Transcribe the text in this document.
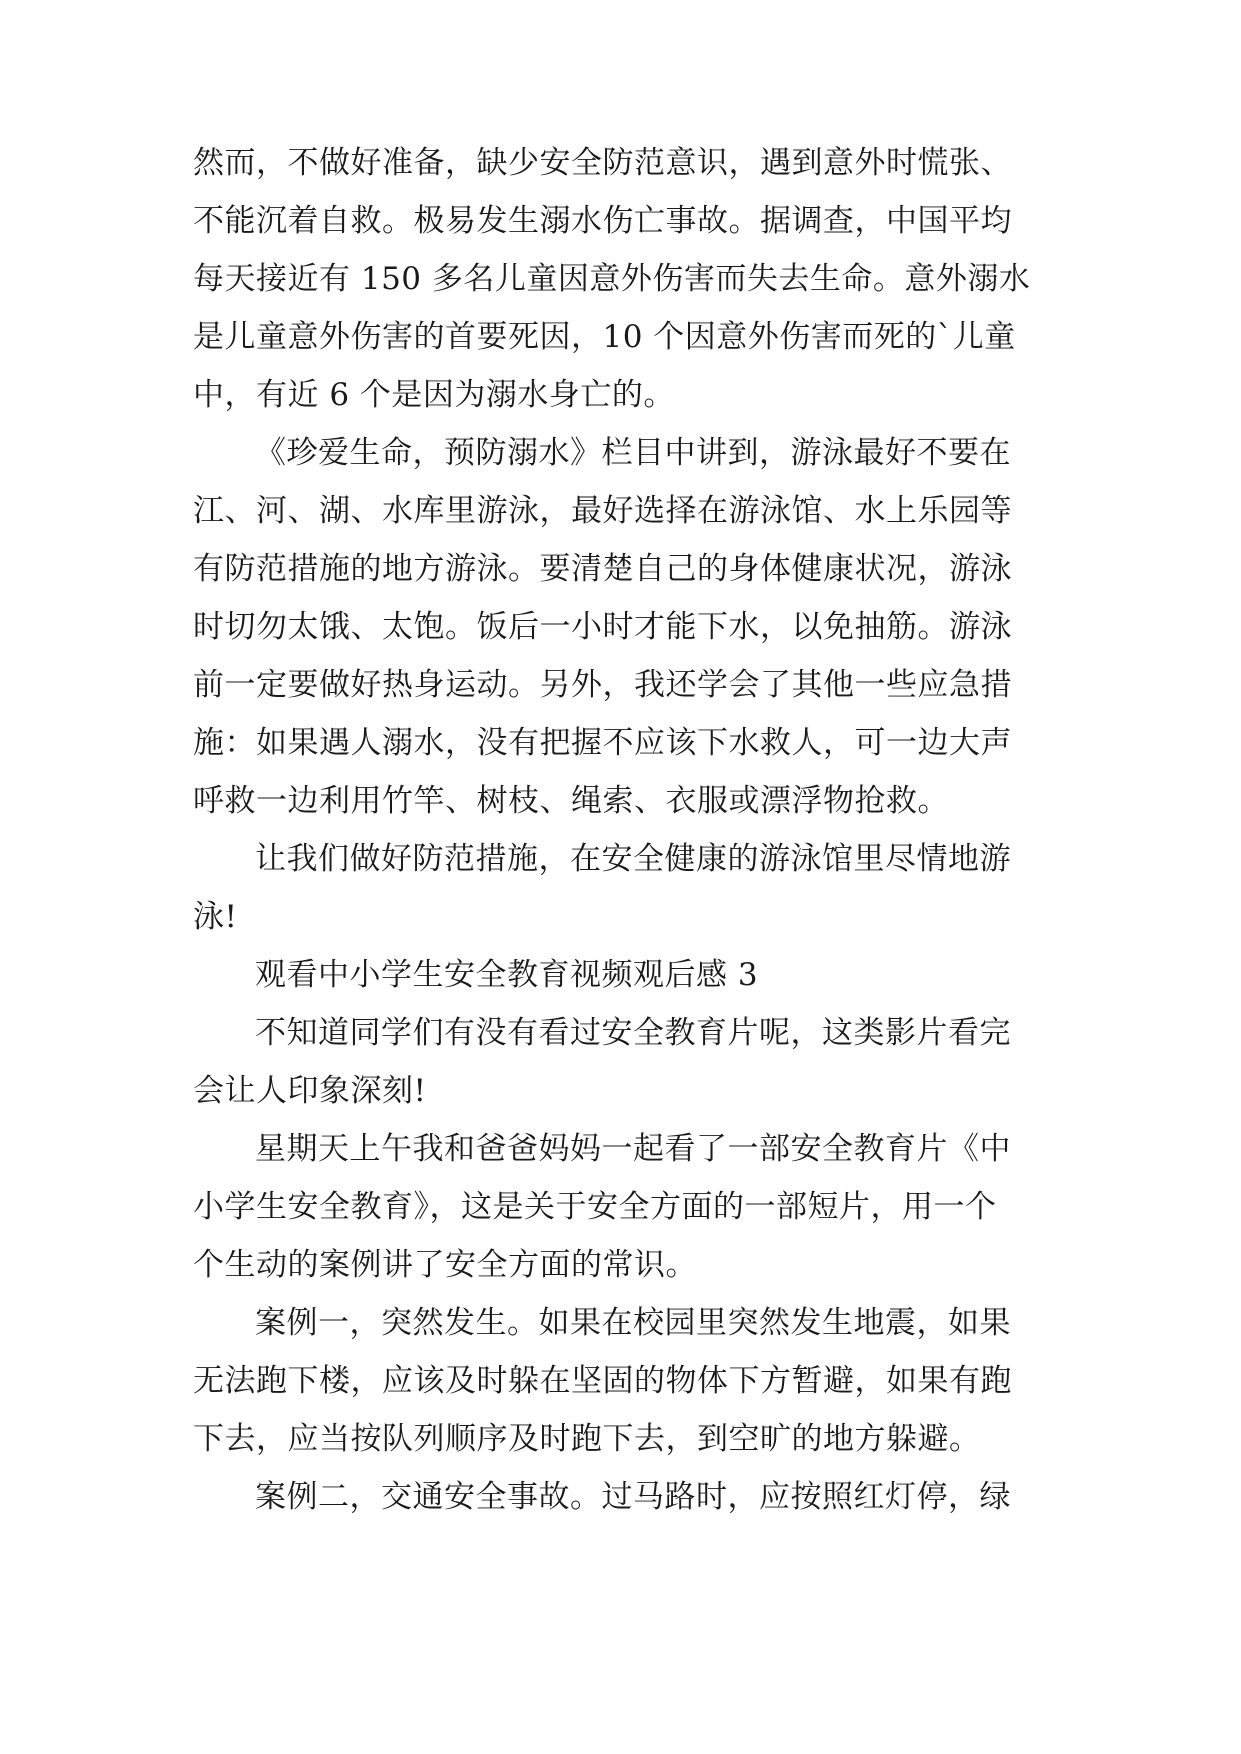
然而，不做好准备，缺少安全防范意识，遇到意外时慌张、
不能沉着自救。极易发生溺水伤亡事故。据调查，中国平均
每天接近有 150 多名儿童因意外伤害而失去生命。意外溺水
是儿童意外伤害的首要死因，10 个因意外伤害而死的`儿童
中，有近 6 个是因为溺水身亡的。
《珍爱生命，预防溺水》栏目中讲到，游泳最好不要在
江、河、湖、水库里游泳，最好选择在游泳馆、水上乐园等
有防范措施的地方游泳。要清楚自己的身体健康状况，游泳
时切勿太饿、太饱。饭后一小时才能下水，以免抽筋。游泳
前一定要做好热身运动。另外，我还学会了其他一些应急措
施：如果遇人溺水，没有把握不应该下水救人，可一边大声
呼救一边利用竹竿、树枝、绳索、衣服或漂浮物抢救。
让我们做好防范措施，在安全健康的游泳馆里尽情地游
泳!
观看中小学生安全教育视频观后感 3
不知道同学们有没有看过安全教育片呢，这类影片看完
会让人印象深刻!
星期天上午我和爸爸妈妈一起看了一部安全教育片《中
小学生安全教育》，这是关于安全方面的一部短片，用一个
个生动的案例讲了安全方面的常识。
案例一，突然发生。如果在校园里突然发生地震，如果
无法跑下楼，应该及时躲在坚固的物体下方暂避，如果有跑
下去，应当按队列顺序及时跑下去，到空旷的地方躲避。
案例二，交通安全事故。过马路时，应按照红灯停，绿
